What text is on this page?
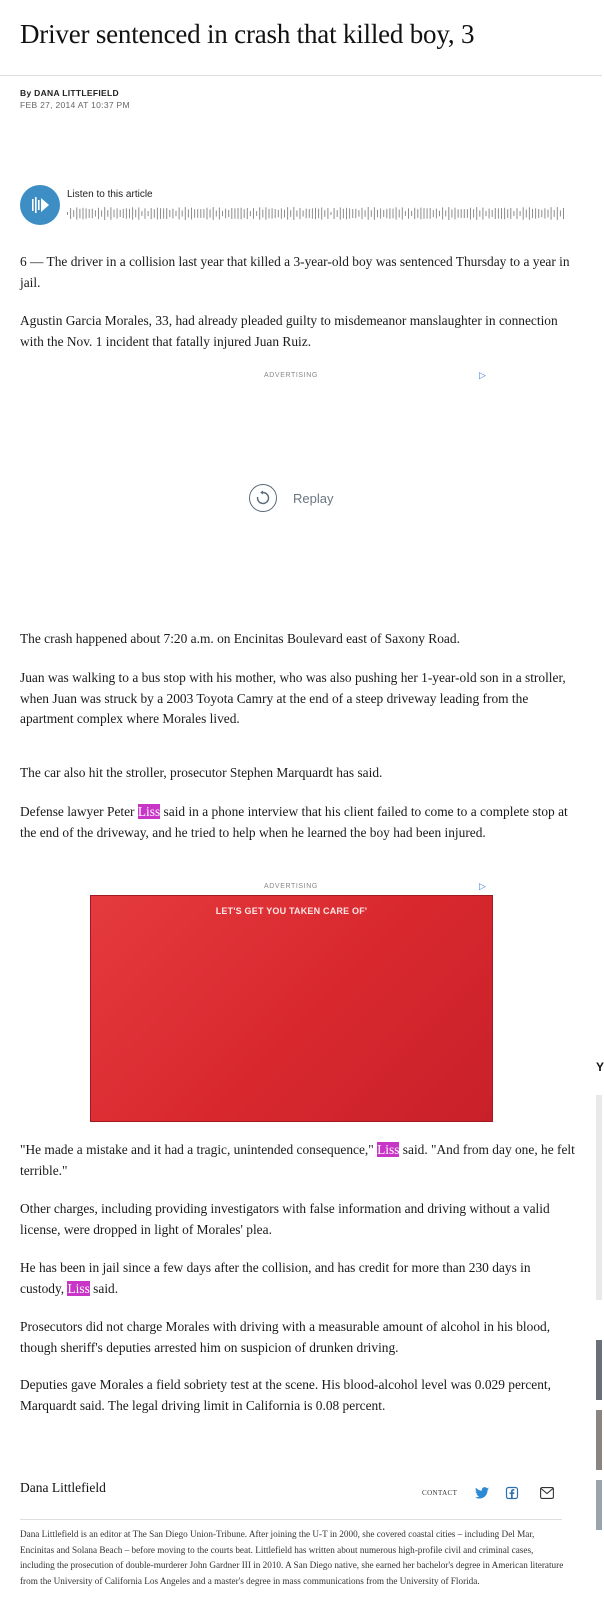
Driver sentenced in crash that killed boy, 3
By DANA LITTLEFIELD
FEB 27, 2014 AT 10:37 PM
Listen to this article

6 — The driver in a collision last year that killed a 3-year-old boy was sentenced Thursday to a year in jail.

Agustin Garcia Morales, 33, had already pleaded guilty to misdemeanor manslaughter in connection with the Nov. 1 incident that fatally injured Juan Ruiz.

ADVERTISING	▷
Replay

The crash happened about 7:20 a.m. on Encinitas Boulevard east of Saxony Road.

Juan was walking to a bus stop with his mother, who was also pushing her 1-year-old son in a stroller, when Juan was struck by a 2003 Toyota Camry at the end of a steep driveway leading from the apartment complex where Morales lived.

The car also hit the stroller, prosecutor Stephen Marquardt has said.

Defense lawyer Peter Liss said in a phone interview that his client failed to come to a complete stop at the end of the driveway, and he tried to help when he learned the boy had been injured.

ADVERTISING	▷
LET'S GET YOU TAKEN CARE OF'

"He made a mistake and it had a tragic, unintended consequence," Liss said. "And from day one, he felt terrible."

Other charges, including providing investigators with false information and driving without a valid license, were dropped in light of Morales' plea.

He has been in jail since a few days after the collision, and has credit for more than 230 days in custody, Liss said.

Prosecutors did not charge Morales with driving with a measurable amount of alcohol in his blood, though sheriff's deputies arrested him on suspicion of drunken driving.

Deputies gave Morales a field sobriety test at the scene. His blood-alcohol level was 0.029 percent, Marquardt said. The legal driving limit in California is 0.08 percent.

Dana Littlefield	CONTACT

Dana Littlefield is an editor at The San Diego Union-Tribune. After joining the U-T in 2000, she covered coastal cities – including Del Mar, Encinitas and Solana Beach – before moving to the courts beat. Littlefield has written about numerous high-profile civil and criminal cases, including the prosecution of double-murderer John Gardner III in 2010. A San Diego native, she earned her bachelor's degree in American literature from the University of California Los Angeles and a master's degree in mass communications from the University of Florida.

Y
